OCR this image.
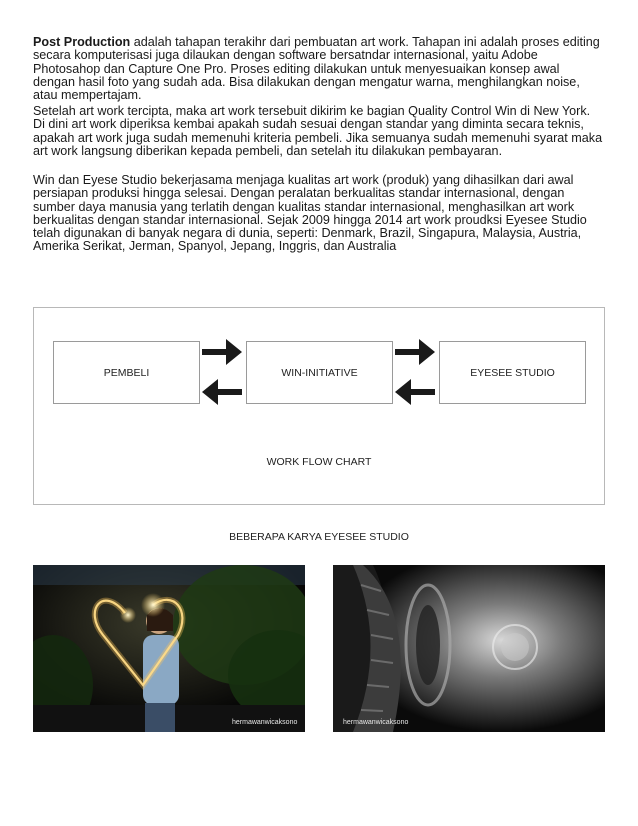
Post Production adalah tahapan terakihr dari pembuatan art work. Tahapan ini adalah proses editing secara komputerisasi juga dilaukan dengan software bersatndar internasional, yaitu Adobe Photosahop dan Capture One Pro. Proses editing dilakukan untuk menyesuaikan konsep awal dengan hasil foto yang sudah ada. Bisa dilakukan dengan mengatur warna, menghilangkan noise, atau mempertajam.

Setelah art work tercipta, maka art work tersebuit dikirim ke bagian Quality Control Win di New York. Di dini art work diperiksa kembai apakah sudah sesuai dengan standar yang diminta secara teknis, apakah art work juga sudah memenuhi kriteria pembeli. Jika semuanya sudah memenuhi syarat maka art work langsung diberikan kepada pembeli, dan setelah itu dilakukan pembayaran.

Win dan Eyese Studio bekerjasama menjaga kualitas art work (produk) yang dihasilkan dari awal persiapan produksi hingga selesai. Dengan peralatan berkualitas standar internasional, dengan sumber daya manusia yang terlatih dengan kualitas standar internasional, menghasilkan art work berkualitas dengan standar internasional. Sejak 2009 hingga 2014 art work proudksi Eyesee Studio telah digunakan di banyak negara di dunia, seperti: Denmark, Brazil, Singapura, Malaysia, Austria, Amerika Serikat, Jerman, Spanyol, Jepang, Inggris, dan Australia

PEMBELI	WIN-INITIATIVE	EYESEE STUDIO
WORK FLOW CHART
BEBERAPA KARYA EYESEE STUDIO
hermawanwicaksono	hermawanwicaksono
